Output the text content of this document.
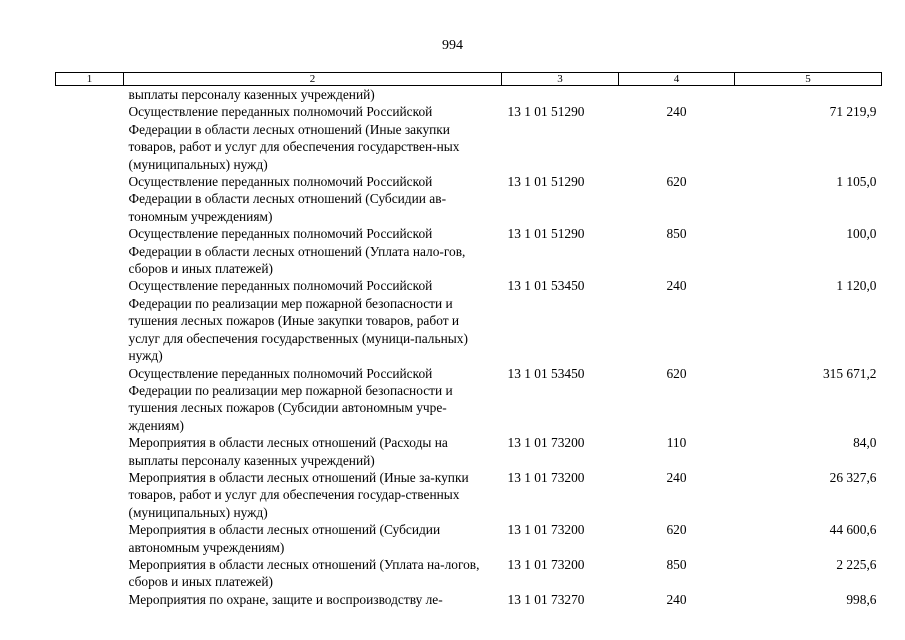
994
1	2	3	4	5
	выплаты персоналу казенных учреждений)			
	Осуществление переданных полномочий Российской Федерации в области лесных отношений (Иные закупки товаров, работ и услуг для обеспечения государствен-ных (муниципальных) нужд)	13 1 01 51290	240	71 219,9
	Осуществление переданных полномочий Российской Федерации в области лесных отношений (Субсидии ав-тономным учреждениям)	13 1 01 51290	620	1 105,0
	Осуществление переданных полномочий Российской Федерации в области лесных отношений (Уплата нало-гов, сборов и иных платежей)	13 1 01 51290	850	100,0
	Осуществление переданных полномочий Российской Федерации по реализации мер пожарной безопасности и тушения лесных пожаров (Иные закупки товаров, работ и услуг для обеспечения государственных (муници-пальных) нужд)	13 1 01 53450	240	1 120,0
	Осуществление переданных полномочий Российской Федерации по реализации мер пожарной безопасности и тушения лесных пожаров (Субсидии автономным учре-ждениям)	13 1 01 53450	620	315 671,2
	Мероприятия в области лесных отношений (Расходы на выплаты персоналу казенных учреждений)	13 1 01 73200	110	84,0
	Мероприятия в области лесных отношений (Иные за-купки товаров, работ и услуг для обеспечения государ-ственных (муниципальных) нужд)	13 1 01 73200	240	26 327,6
	Мероприятия в области лесных отношений (Субсидии автономным учреждениям)	13 1 01 73200	620	44 600,6
	Мероприятия в области лесных отношений (Уплата на-логов, сборов и иных платежей)	13 1 01 73200	850	2 225,6
	Мероприятия по охране, защите и воспроизводству ле-	13 1 01 73270	240	998,6
